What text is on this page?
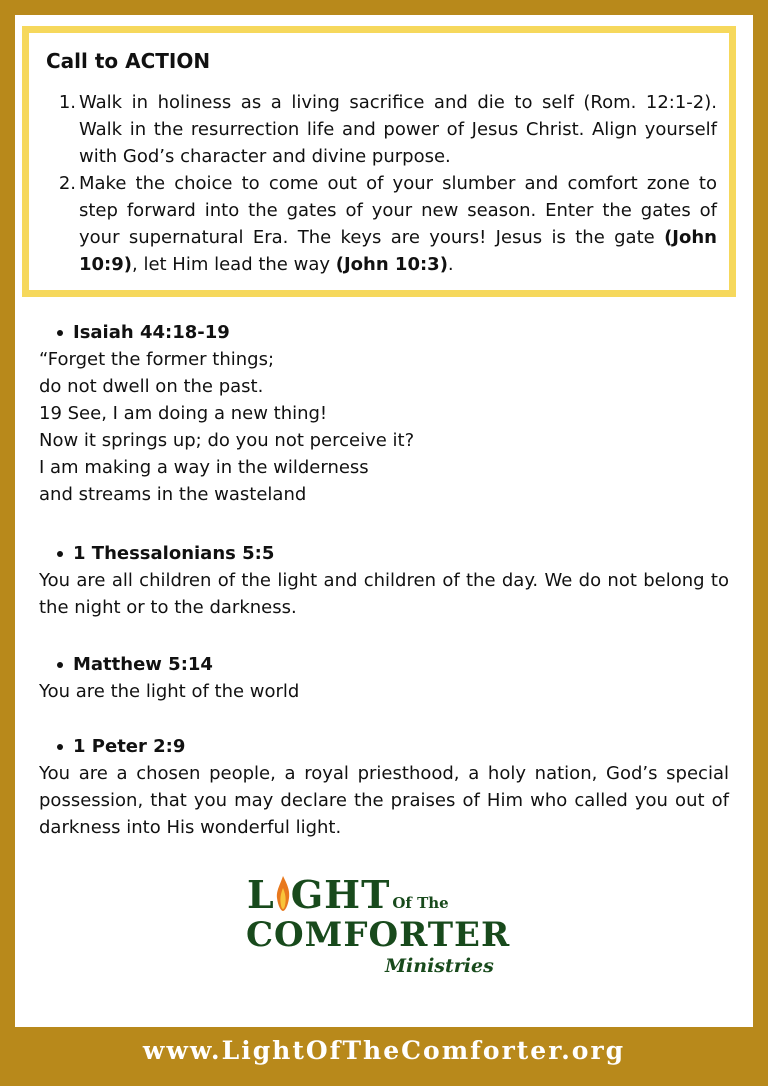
Call to ACTION
1. Walk in holiness as a living sacrifice and die to self (Rom. 12:1-2). Walk in the resurrection life and power of Jesus Christ. Align yourself with God’s character and divine purpose.
2. Make the choice to come out of your slumber and comfort zone to step forward into the gates of your new season. Enter the gates of your supernatural Era. The keys are yours! Jesus is the gate (John 10:9), let Him lead the way (John 10:3).
Isaiah 44:18-19
“Forget the former things;
do not dwell on the past.
19 See, I am doing a new thing!
Now it springs up; do you not perceive it?
I am making a way in the wilderness
and streams in the wasteland
1 Thessalonians 5:5
You are all children of the light and children of the day. We do not belong to the night or to the darkness.
Matthew 5:14
You are the light of the world
1 Peter 2:9
You are a chosen people, a royal priesthood, a holy nation, God’s special possession, that you may declare the praises of Him who called you out of darkness into His wonderful light.
L GHT Of The
COMFORTER
Ministries
www.LightOfTheComforter.org
